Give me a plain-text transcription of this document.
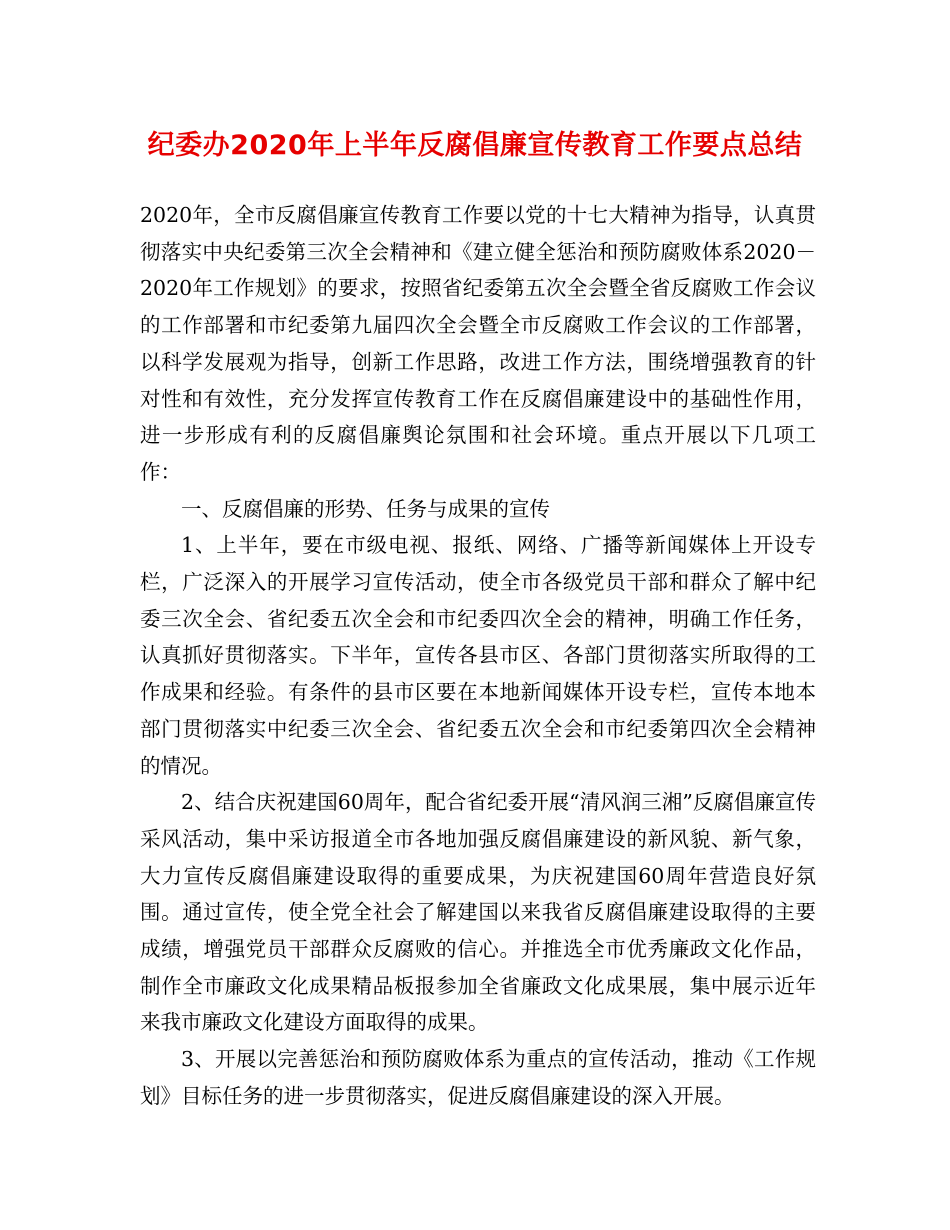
纪委办2020年上半年反腐倡廉宣传教育工作要点总结

2020年，全市反腐倡廉宣传教育工作要以党的十七大精神为指导，认真贯彻落实中央纪委第三次全会精神和《建立健全惩治和预防腐败体系2020－2020年工作规划》的要求，按照省纪委第五次全会暨全省反腐败工作会议的工作部署和市纪委第九届四次全会暨全市反腐败工作会议的工作部署，以科学发展观为指导，创新工作思路，改进工作方法，围绕增强教育的针对性和有效性，充分发挥宣传教育工作在反腐倡廉建设中的基础性作用，进一步形成有利的反腐倡廉舆论氛围和社会环境。重点开展以下几项工作：

一、反腐倡廉的形势、任务与成果的宣传

1、上半年，要在市级电视、报纸、网络、广播等新闻媒体上开设专栏，广泛深入的开展学习宣传活动，使全市各级党员干部和群众了解中纪委三次全会、省纪委五次全会和市纪委四次全会的精神，明确工作任务，认真抓好贯彻落实。下半年，宣传各县市区、各部门贯彻落实所取得的工作成果和经验。有条件的县市区要在本地新闻媒体开设专栏，宣传本地本部门贯彻落实中纪委三次全会、省纪委五次全会和市纪委第四次全会精神的情况。

2、结合庆祝建国60周年，配合省纪委开展“清风润三湘”反腐倡廉宣传采风活动，集中采访报道全市各地加强反腐倡廉建设的新风貌、新气象，大力宣传反腐倡廉建设取得的重要成果，为庆祝建国60周年营造良好氛围。通过宣传，使全党全社会了解建国以来我省反腐倡廉建设取得的主要成绩，增强党员干部群众反腐败的信心。并推选全市优秀廉政文化作品，制作全市廉政文化成果精品板报参加全省廉政文化成果展，集中展示近年来我市廉政文化建设方面取得的成果。

3、开展以完善惩治和预防腐败体系为重点的宣传活动，推动《工作规划》目标任务的进一步贯彻落实，促进反腐倡廉建设的深入开展。
